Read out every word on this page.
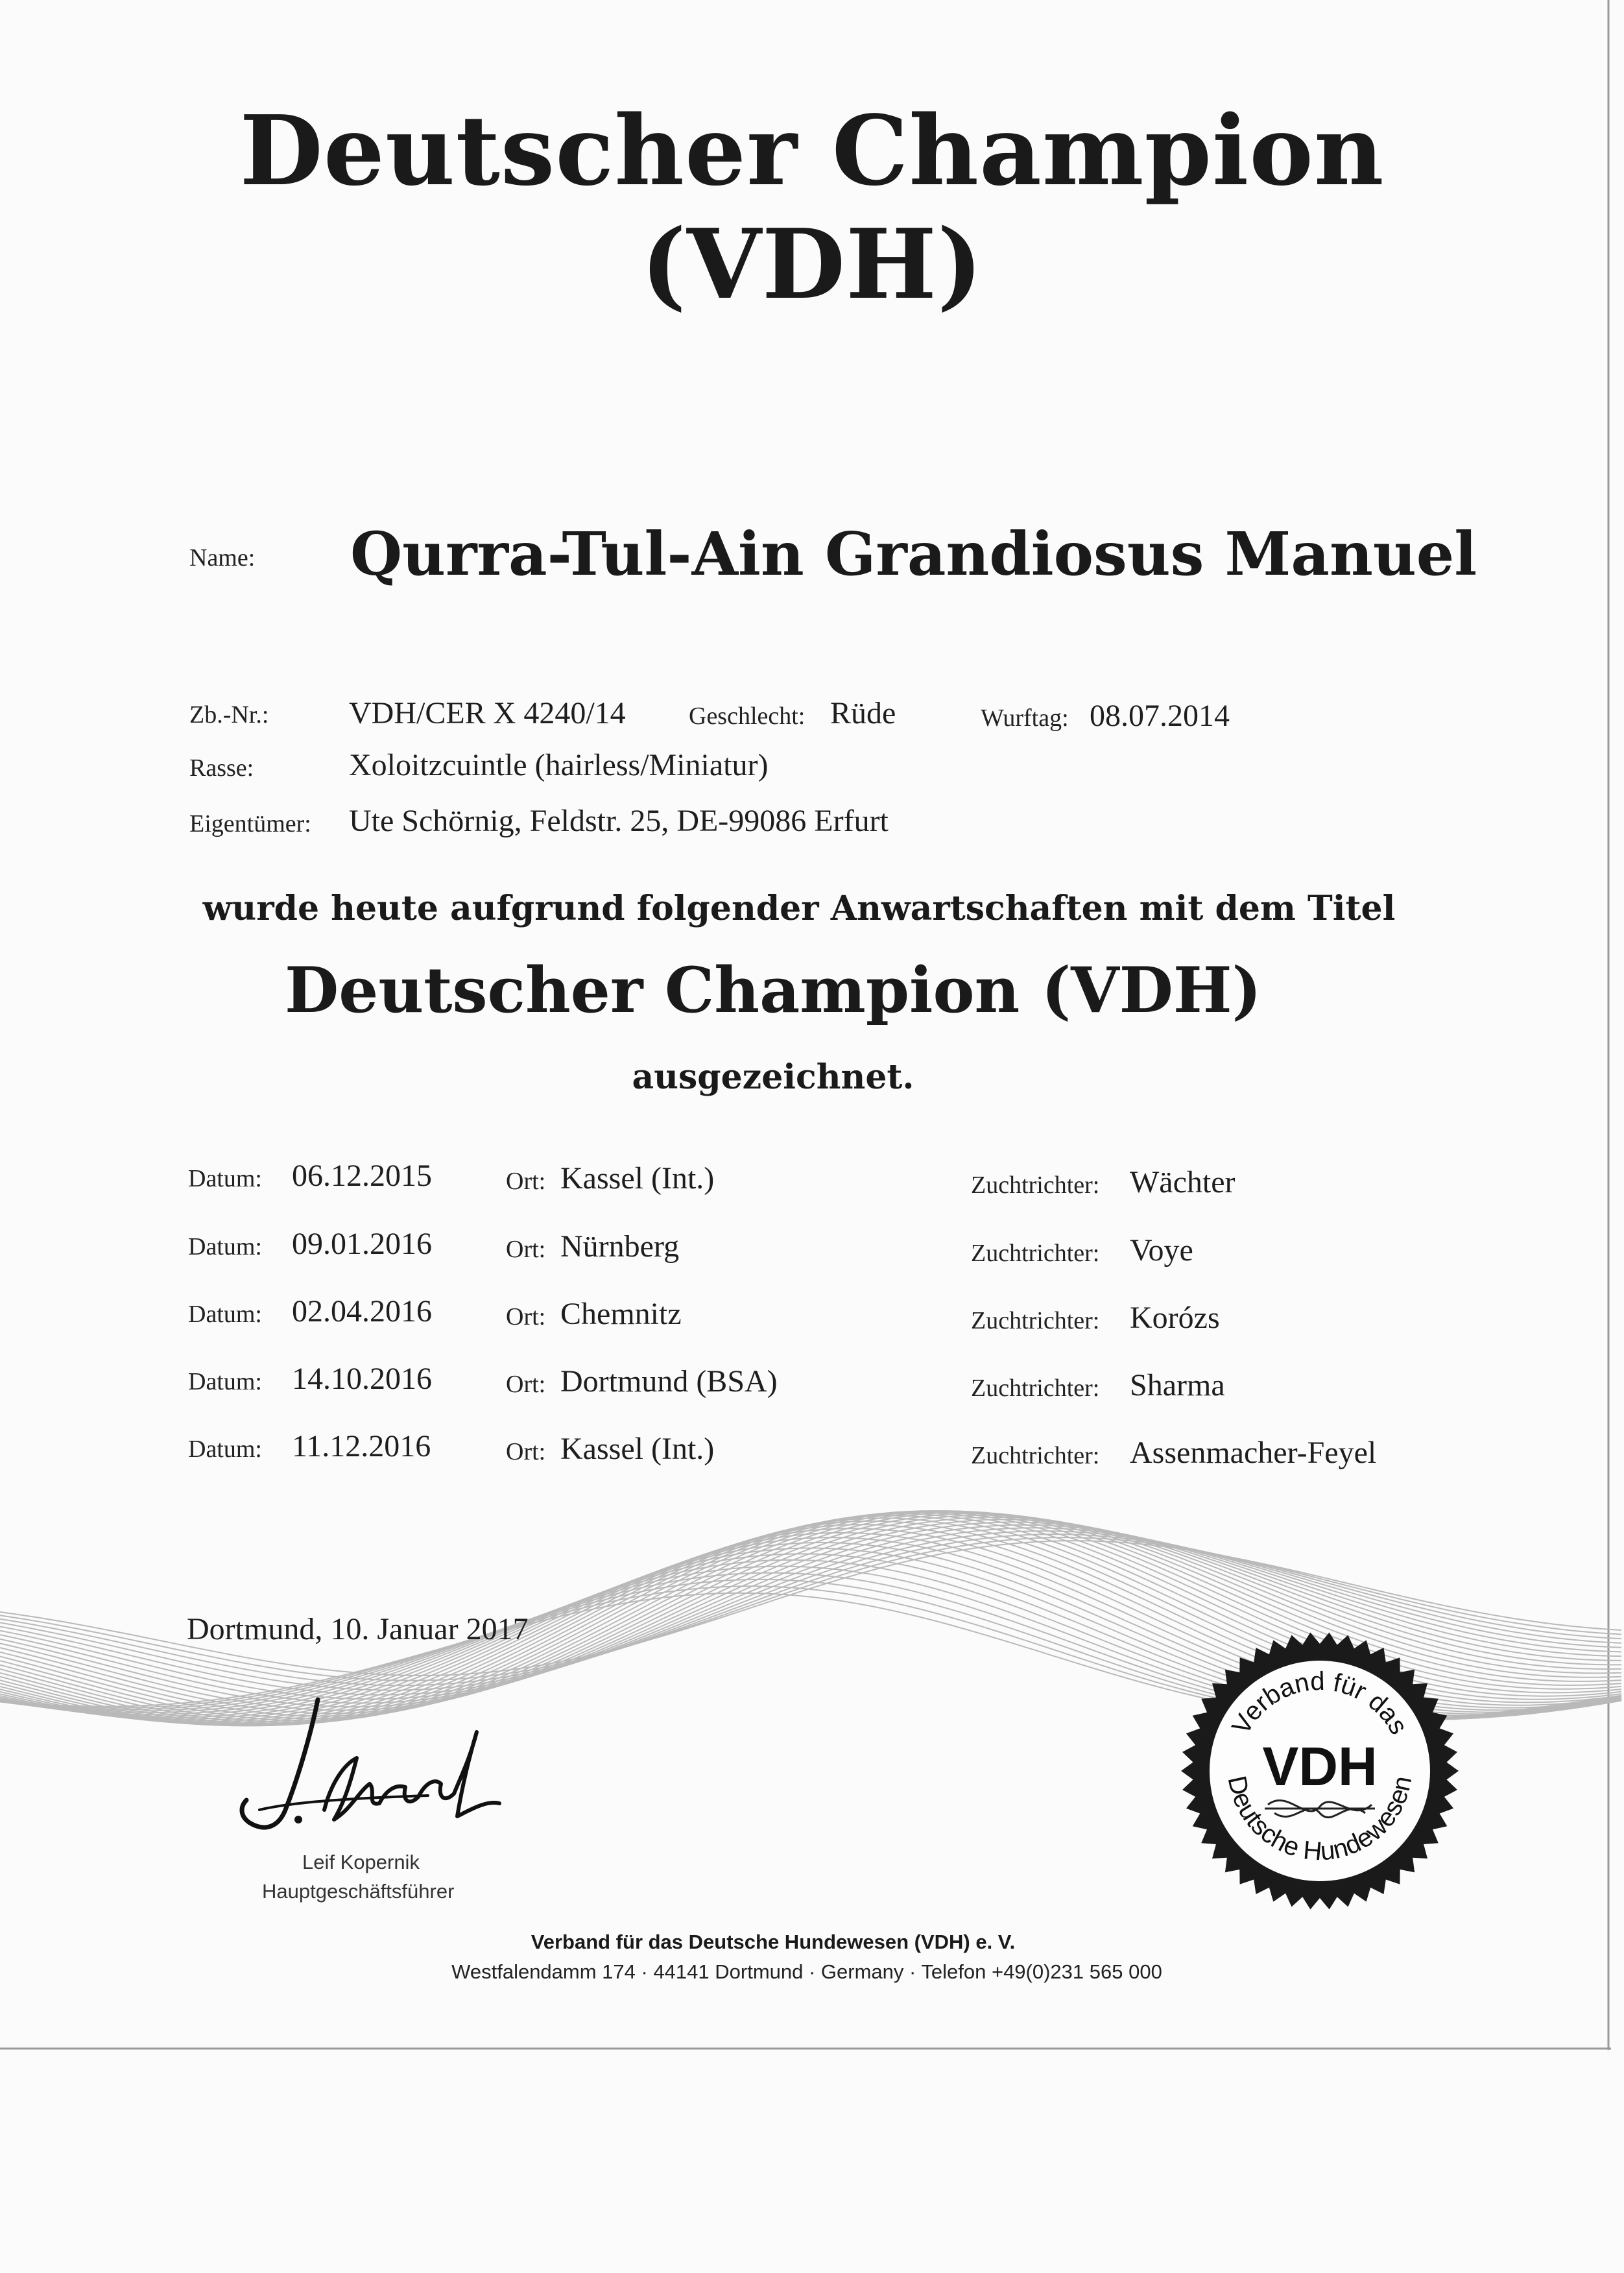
Deutscher Champion
(VDH)
Name: Qurra-Tul-Ain Grandiosus Manuel
Zb.-Nr.:	VDH/CER X 4240/14	Geschlecht: Rüde	Wurftag: 08.07.2014
Rasse:	Xoloitzcuintle (hairless/Miniatur)
Eigentümer: Ute Schörnig, Feldstr. 25, DE-99086 Erfurt
wurde heute aufgrund folgender Anwartschaften mit dem Titel
Deutscher Champion (VDH)
ausgezeichnet.
Datum: 06.12.2015	Ort: Kassel (Int.)	Zuchtrichter: Wächter
Datum: 09.01.2016	Ort: Nürnberg	Zuchtrichter: Voye
Datum: 02.04.2016	Ort: Chemnitz	Zuchtrichter: Korózs
Datum: 14.10.2016	Ort: Dortmund (BSA)	Zuchtrichter: Sharma
Datum: 11.12.2016	Ort: Kassel (Int.)	Zuchtrichter: Assenmacher-Feyel
Dortmund, 10. Januar 2017
Leif Kopernik
Hauptgeschäftsführer
Verband für das
VDH
Deutsche Hundewesen
Verband für das Deutsche Hundewesen (VDH) e. V.
Westfalendamm 174 · 44141 Dortmund · Germany · Telefon +49(0)231 565 000
